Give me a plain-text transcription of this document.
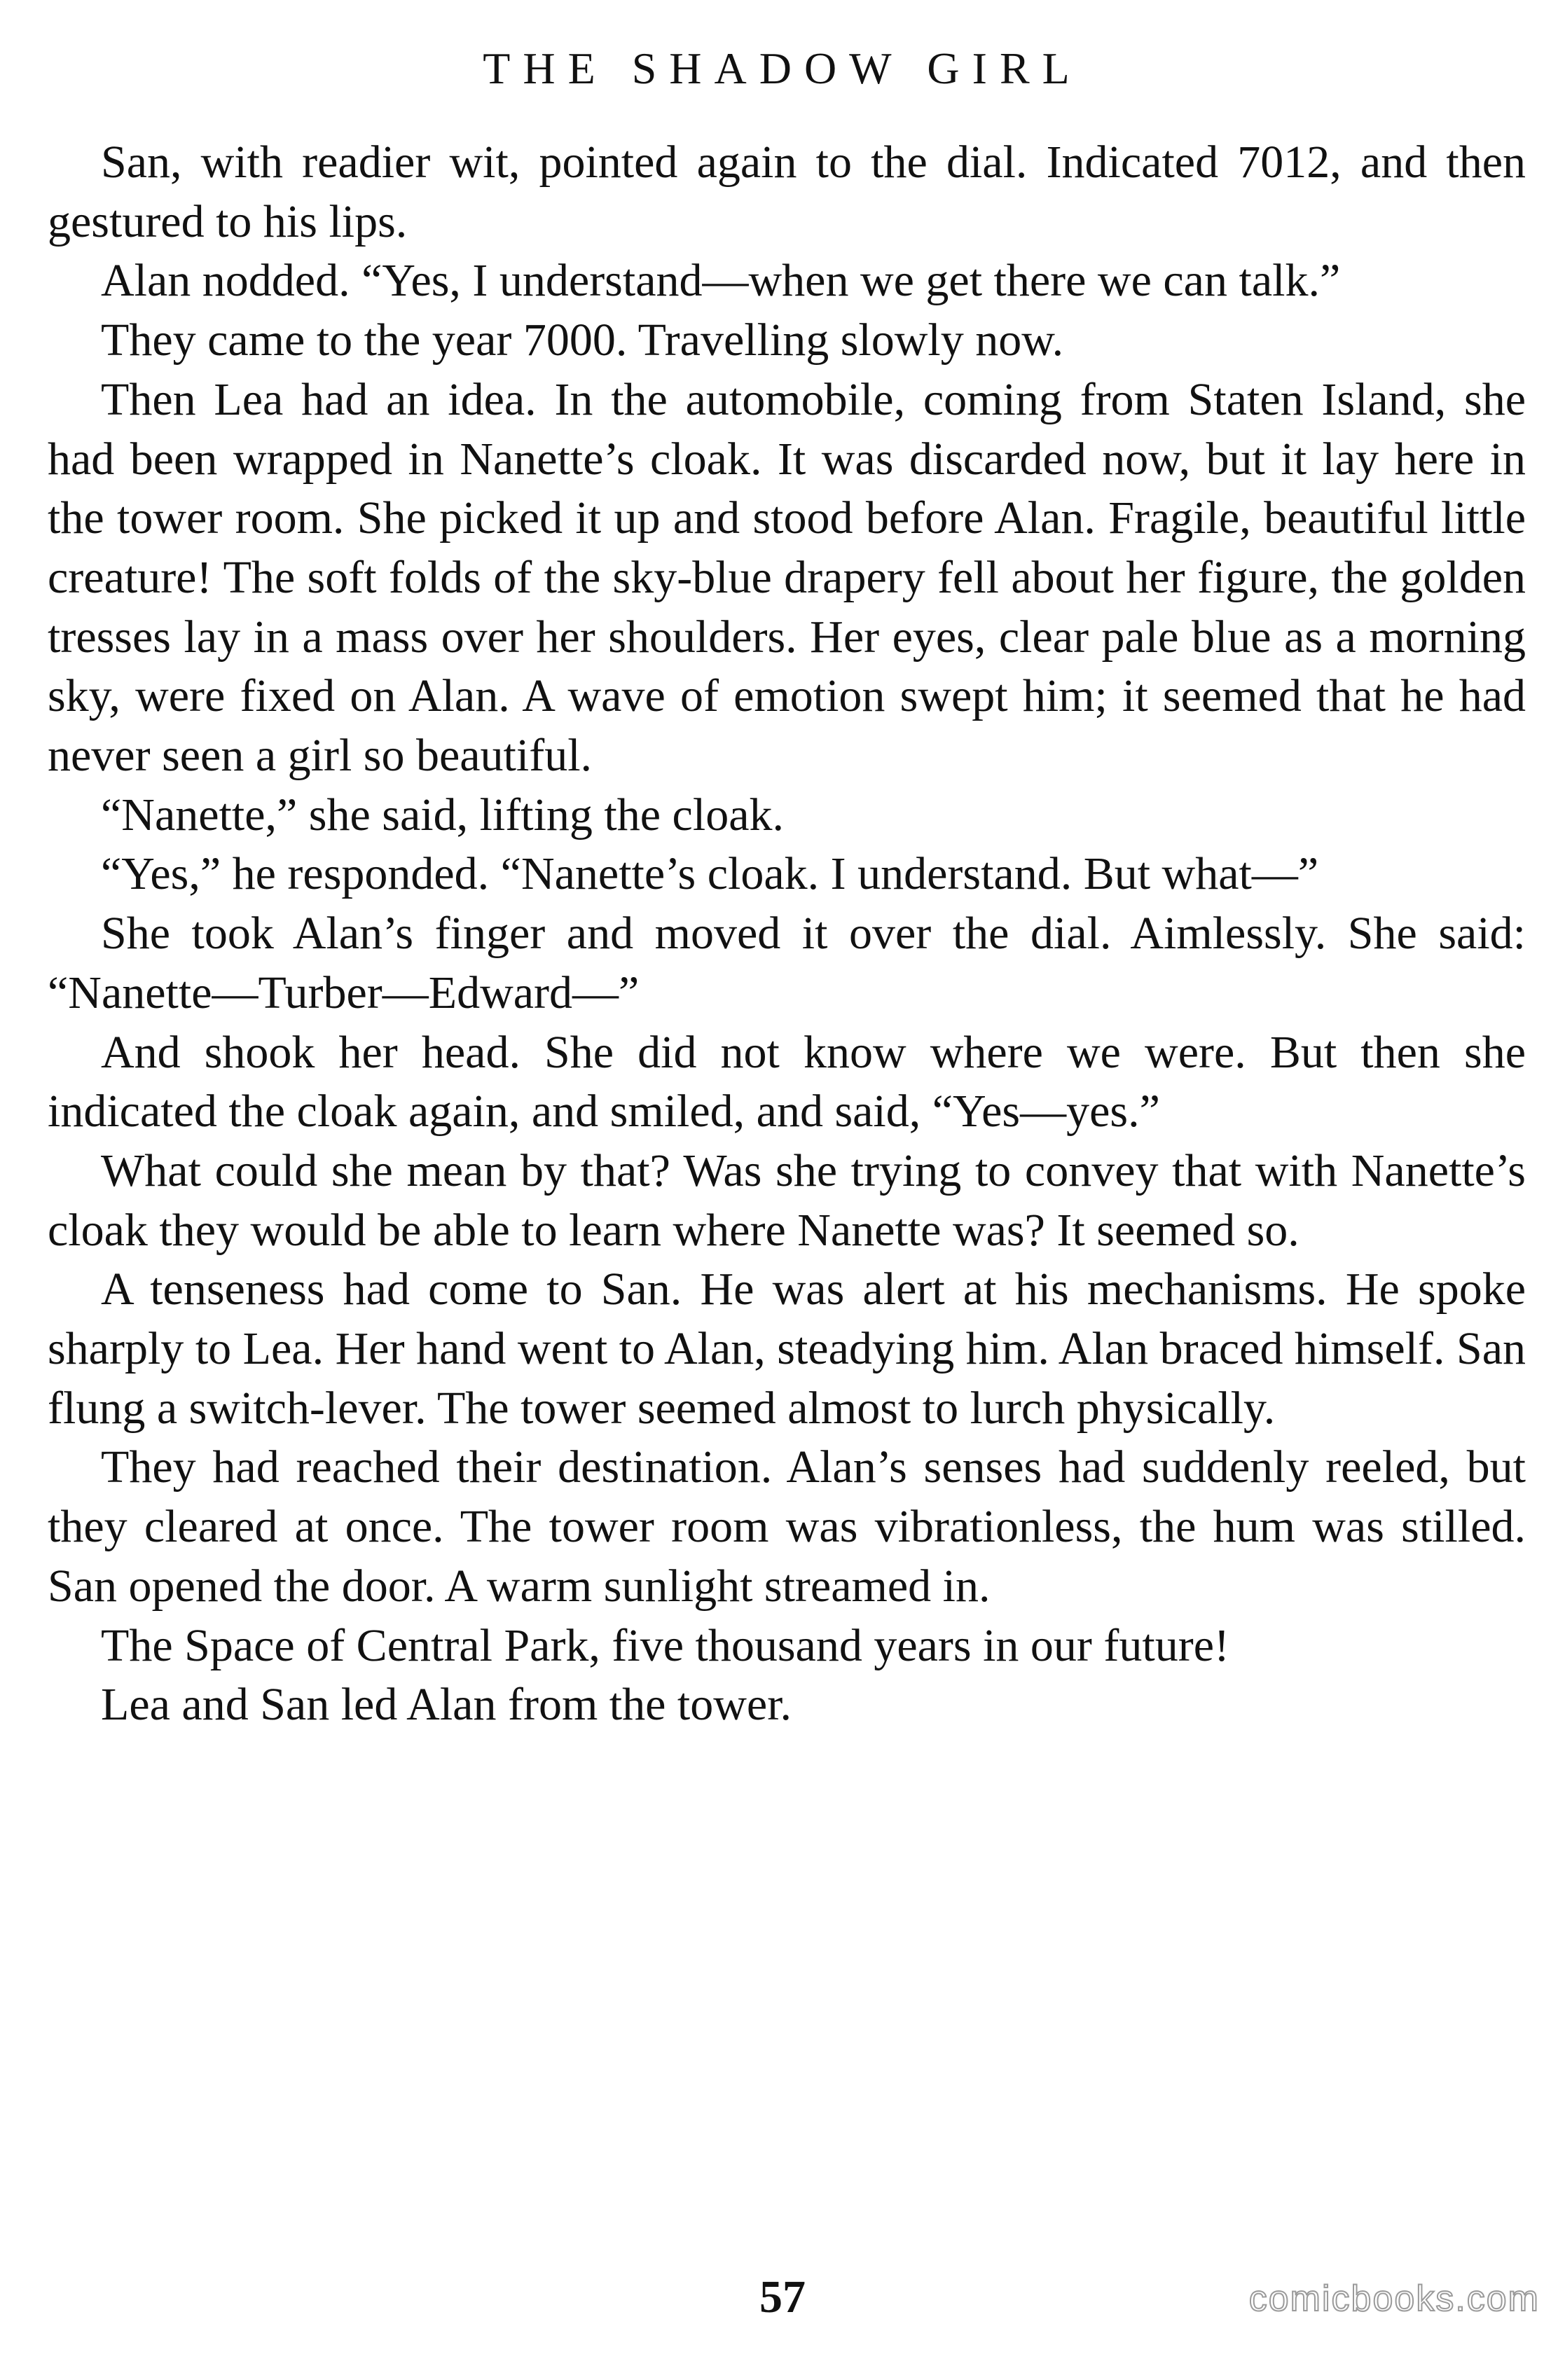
THE SHADOW GIRL

San, with readier wit, pointed again to the dial. Indicated 7012, and then gestured to his lips.

Alan nodded. “Yes, I understand—when we get there we can talk.”

They came to the year 7000. Travelling slowly now.

Then Lea had an idea. In the automobile, coming from Staten Island, she had been wrapped in Nanette’s cloak. It was discarded now, but it lay here in the tower room. She picked it up and stood before Alan. Fragile, beautiful little creature! The soft folds of the sky-blue drapery fell about her figure, the golden tresses lay in a mass over her shoulders. Her eyes, clear pale blue as a morning sky, were fixed on Alan. A wave of emotion swept him; it seemed that he had never seen a girl so beautiful.

“Nanette,” she said, lifting the cloak.

“Yes,” he responded. “Nanette’s cloak. I understand. But what—”

She took Alan’s finger and moved it over the dial. Aimlessly. She said: “Nanette—Turber—Edward—”

And shook her head. She did not know where we were. But then she indicated the cloak again, and smiled, and said, “Yes—yes.”

What could she mean by that? Was she trying to convey that with Nanette’s cloak they would be able to learn where Nanette was? It seemed so.

A tenseness had come to San. He was alert at his mechanisms. He spoke sharply to Lea. Her hand went to Alan, steadying him. Alan braced himself. San flung a switch-lever. The tower seemed almost to lurch physically.

They had reached their destination. Alan’s senses had suddenly reeled, but they cleared at once. The tower room was vibrationless, the hum was stilled. San opened the door. A warm sunlight streamed in.

The Space of Central Park, five thousand years in our future!

Lea and San led Alan from the tower.

57	comicbooks.com
